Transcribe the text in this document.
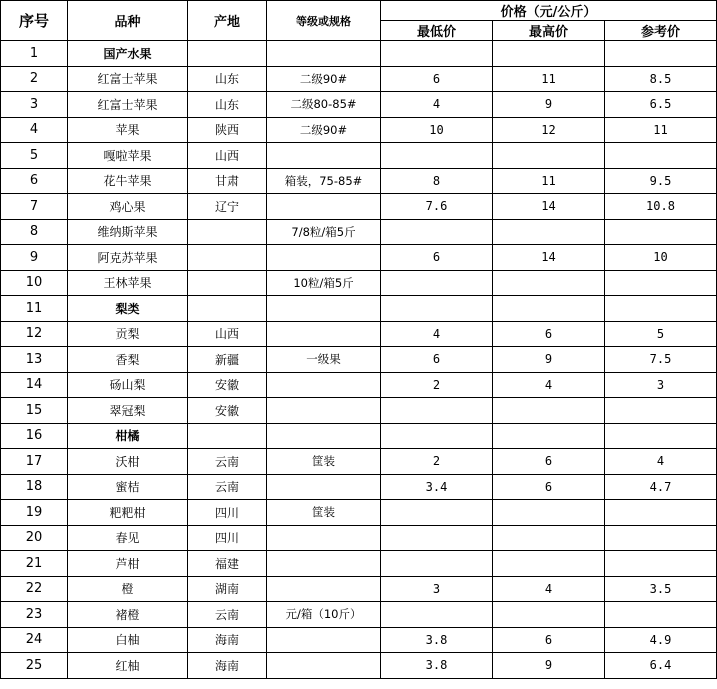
序号	品种	产地	等级或规格	价格（元/公斤）		
				最低价	最高价	参考价
1	国产水果					
2	红富士苹果	山东	二级90#	6	11	8.5
3	红富士苹果	山东	二级80-85#	4	9	6.5
4	苹果	陕西	二级90#	10	12	11
5	嘎啦苹果	山西				
6	花牛苹果	甘肃	箱装，75-85#	8	11	9.5
7	鸡心果	辽宁		7.6	14	10.8
8	维纳斯苹果		7/8粒/箱5斤			
9	阿克苏苹果			6	14	10
10	王林苹果		10粒/箱5斤			
11	梨类					
12	贡梨	山西		4	6	5
13	香梨	新疆	一级果	6	9	7.5
14	砀山梨	安徽		2	4	3
15	翠冠梨	安徽				
16	柑橘					
17	沃柑	云南	筐装	2	6	4
18	蜜桔	云南		3.4	6	4.7
19	粑粑柑	四川	筐装			
20	春见	四川				
21	芦柑	福建				
22	橙	湖南		3	4	3.5
23	褚橙	云南	元/箱（10斤）			
24	白柚	海南		3.8	6	4.9
25	红柚	海南		3.8	9	6.4
